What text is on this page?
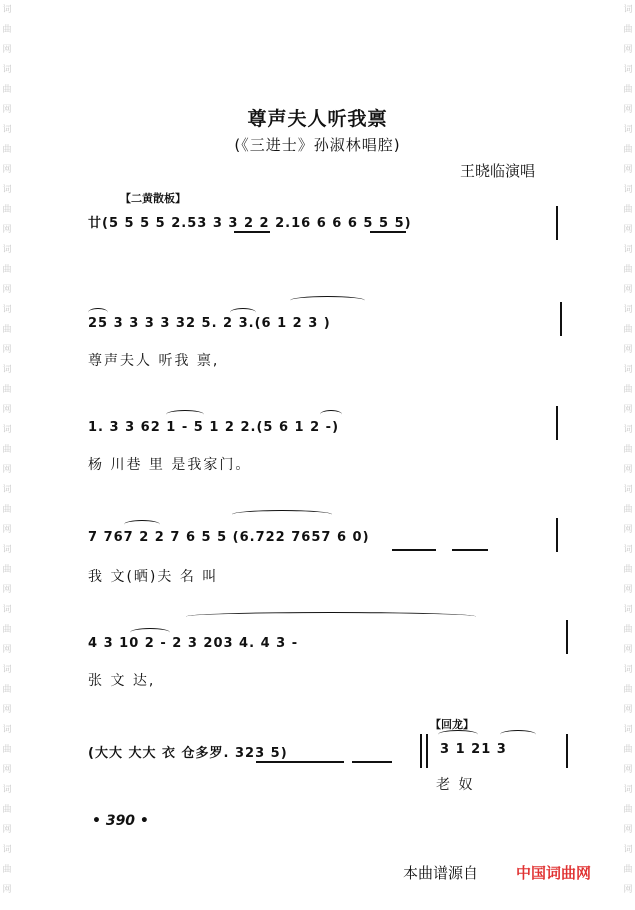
词
曲
网
词
曲
网
词
曲
网
词
曲
网
词
曲
网
词
曲
网
词
曲
网
词
曲
网
词
曲
网
词
曲
网
词
曲
网
词
曲
网
词
曲
网
词
曲
网
词
曲
网
词
曲
网
词
曲
网
词
曲
网
词
曲
网
词
曲
网
词
曲
网
词
曲
网
词
曲
网
词
曲
网
词
曲
网
词
曲
网
词
曲
网
词
曲
网
词
曲
网
词
曲
网
尊声夫人听我禀
(《三进士》孙淑林唱腔)
王晓临演唱
【二黄散板】
廿(5 5 5 5 2.53 3 3 2 2 2.16 6 6 6 5 5 5)
25 3 3 3 3 32 5. 2 3.(6 1 2 3 )
尊声夫人 听我 禀,
1. 3 3 62 1 - 5 1 2 2.(5 6 1 2 -)
杨 川巷 里 是我家门。
7 767 2 2 7 6 5 5 (6.722 7657 6 0)
我 文(晒)夫 名 叫
4 3 10 2 - 2 3 203 4. 4 3 -
张 文 达,
(大大 大大 衣 仓多罗. 323 5)
【回龙】
3 1 21 3
老 奴
• 390 •
本曲谱源自	中国词曲网
